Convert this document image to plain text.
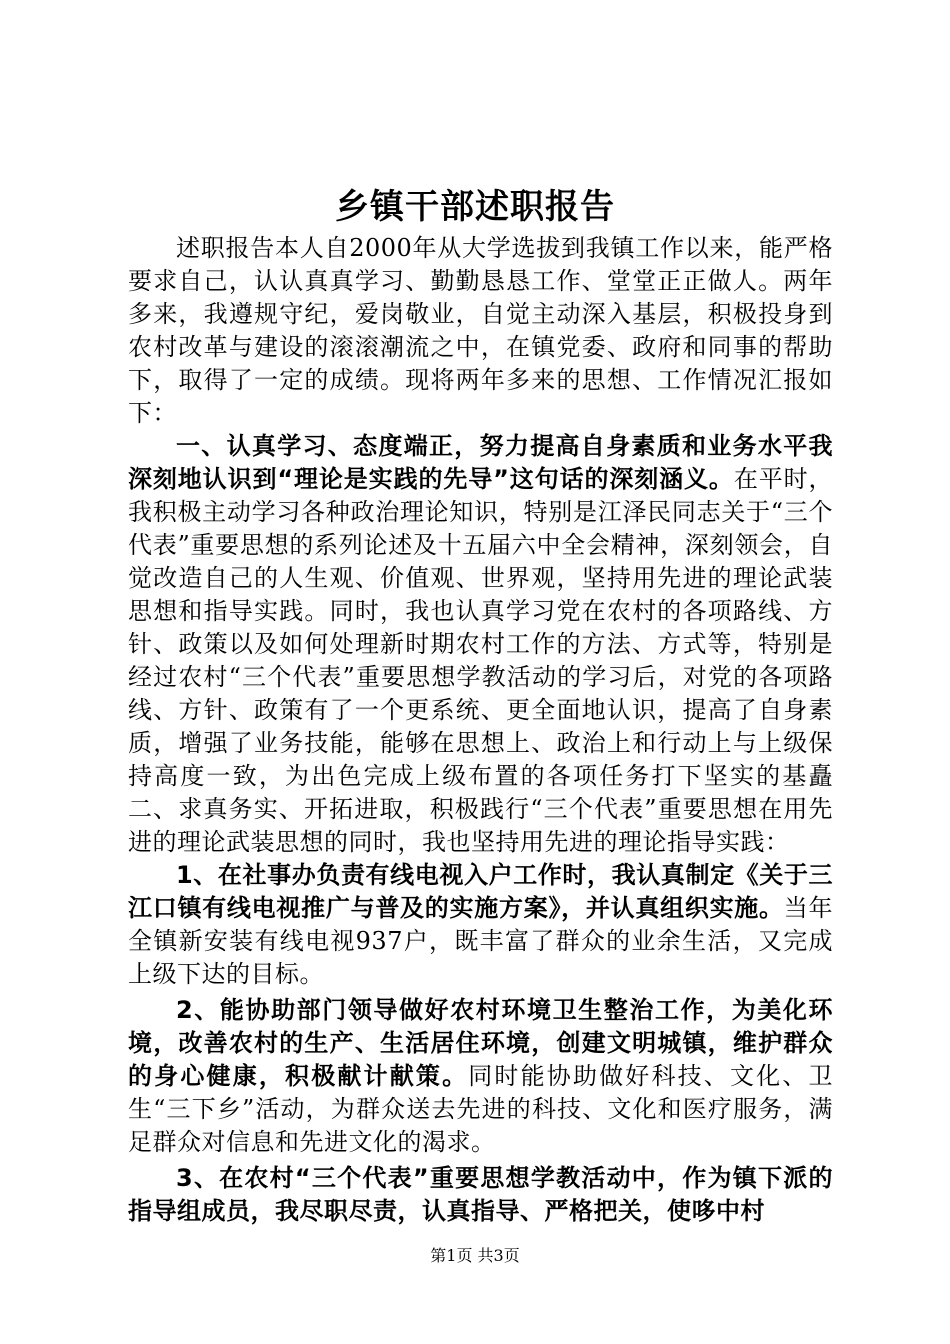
乡镇干部述职报告

述职报告本人自2000年从大学选拔到我镇工作以来，能严格要求自己，认认真真学习、勤勤恳恳工作、堂堂正正做人。两年多来，我遵规守纪，爱岗敬业，自觉主动深入基层，积极投身到农村改革与建设的滚滚潮流之中，在镇党委、政府和同事的帮助下，取得了一定的成绩。现将两年多来的思想、工作情况汇报如下：

一、认真学习、态度端正，努力提高自身素质和业务水平我深刻地认识到“理论是实践的先导”这句话的深刻涵义。在平时，我积极主动学习各种政治理论知识，特别是江泽民同志关于“三个代表”重要思想的系列论述及十五届六中全会精神，深刻领会，自觉改造自己的人生观、价值观、世界观，坚持用先进的理论武装思想和指导实践。同时，我也认真学习党在农村的各项路线、方针、政策以及如何处理新时期农村工作的方法、方式等，特别是经过农村“三个代表”重要思想学教活动的学习后，对党的各项路线、方针、政策有了一个更系统、更全面地认识，提高了自身素质，增强了业务技能，能够在思想上、政治上和行动上与上级保持高度一致，为出色完成上级布置的各项任务打下坚实的基矗二、求真务实、开拓进取，积极践行“三个代表”重要思想在用先进的理论武装思想的同时，我也坚持用先进的理论指导实践：

1、在社事办负责有线电视入户工作时，我认真制定《关于三江口镇有线电视推广与普及的实施方案》，并认真组织实施。当年全镇新安装有线电视937户，既丰富了群众的业余生活，又完成上级下达的目标。

2、能协助部门领导做好农村环境卫生整治工作，为美化环境，改善农村的生产、生活居住环境，创建文明城镇，维护群众的身心健康，积极献计献策。同时能协助做好科技、文化、卫生“三下乡”活动，为群众送去先进的科技、文化和医疗服务，满足群众对信息和先进文化的渴求。

3、在农村“三个代表”重要思想学教活动中，作为镇下派的指导组成员，我尽职尽责，认真指导、严格把关，使哆中村

第1页 共3页
